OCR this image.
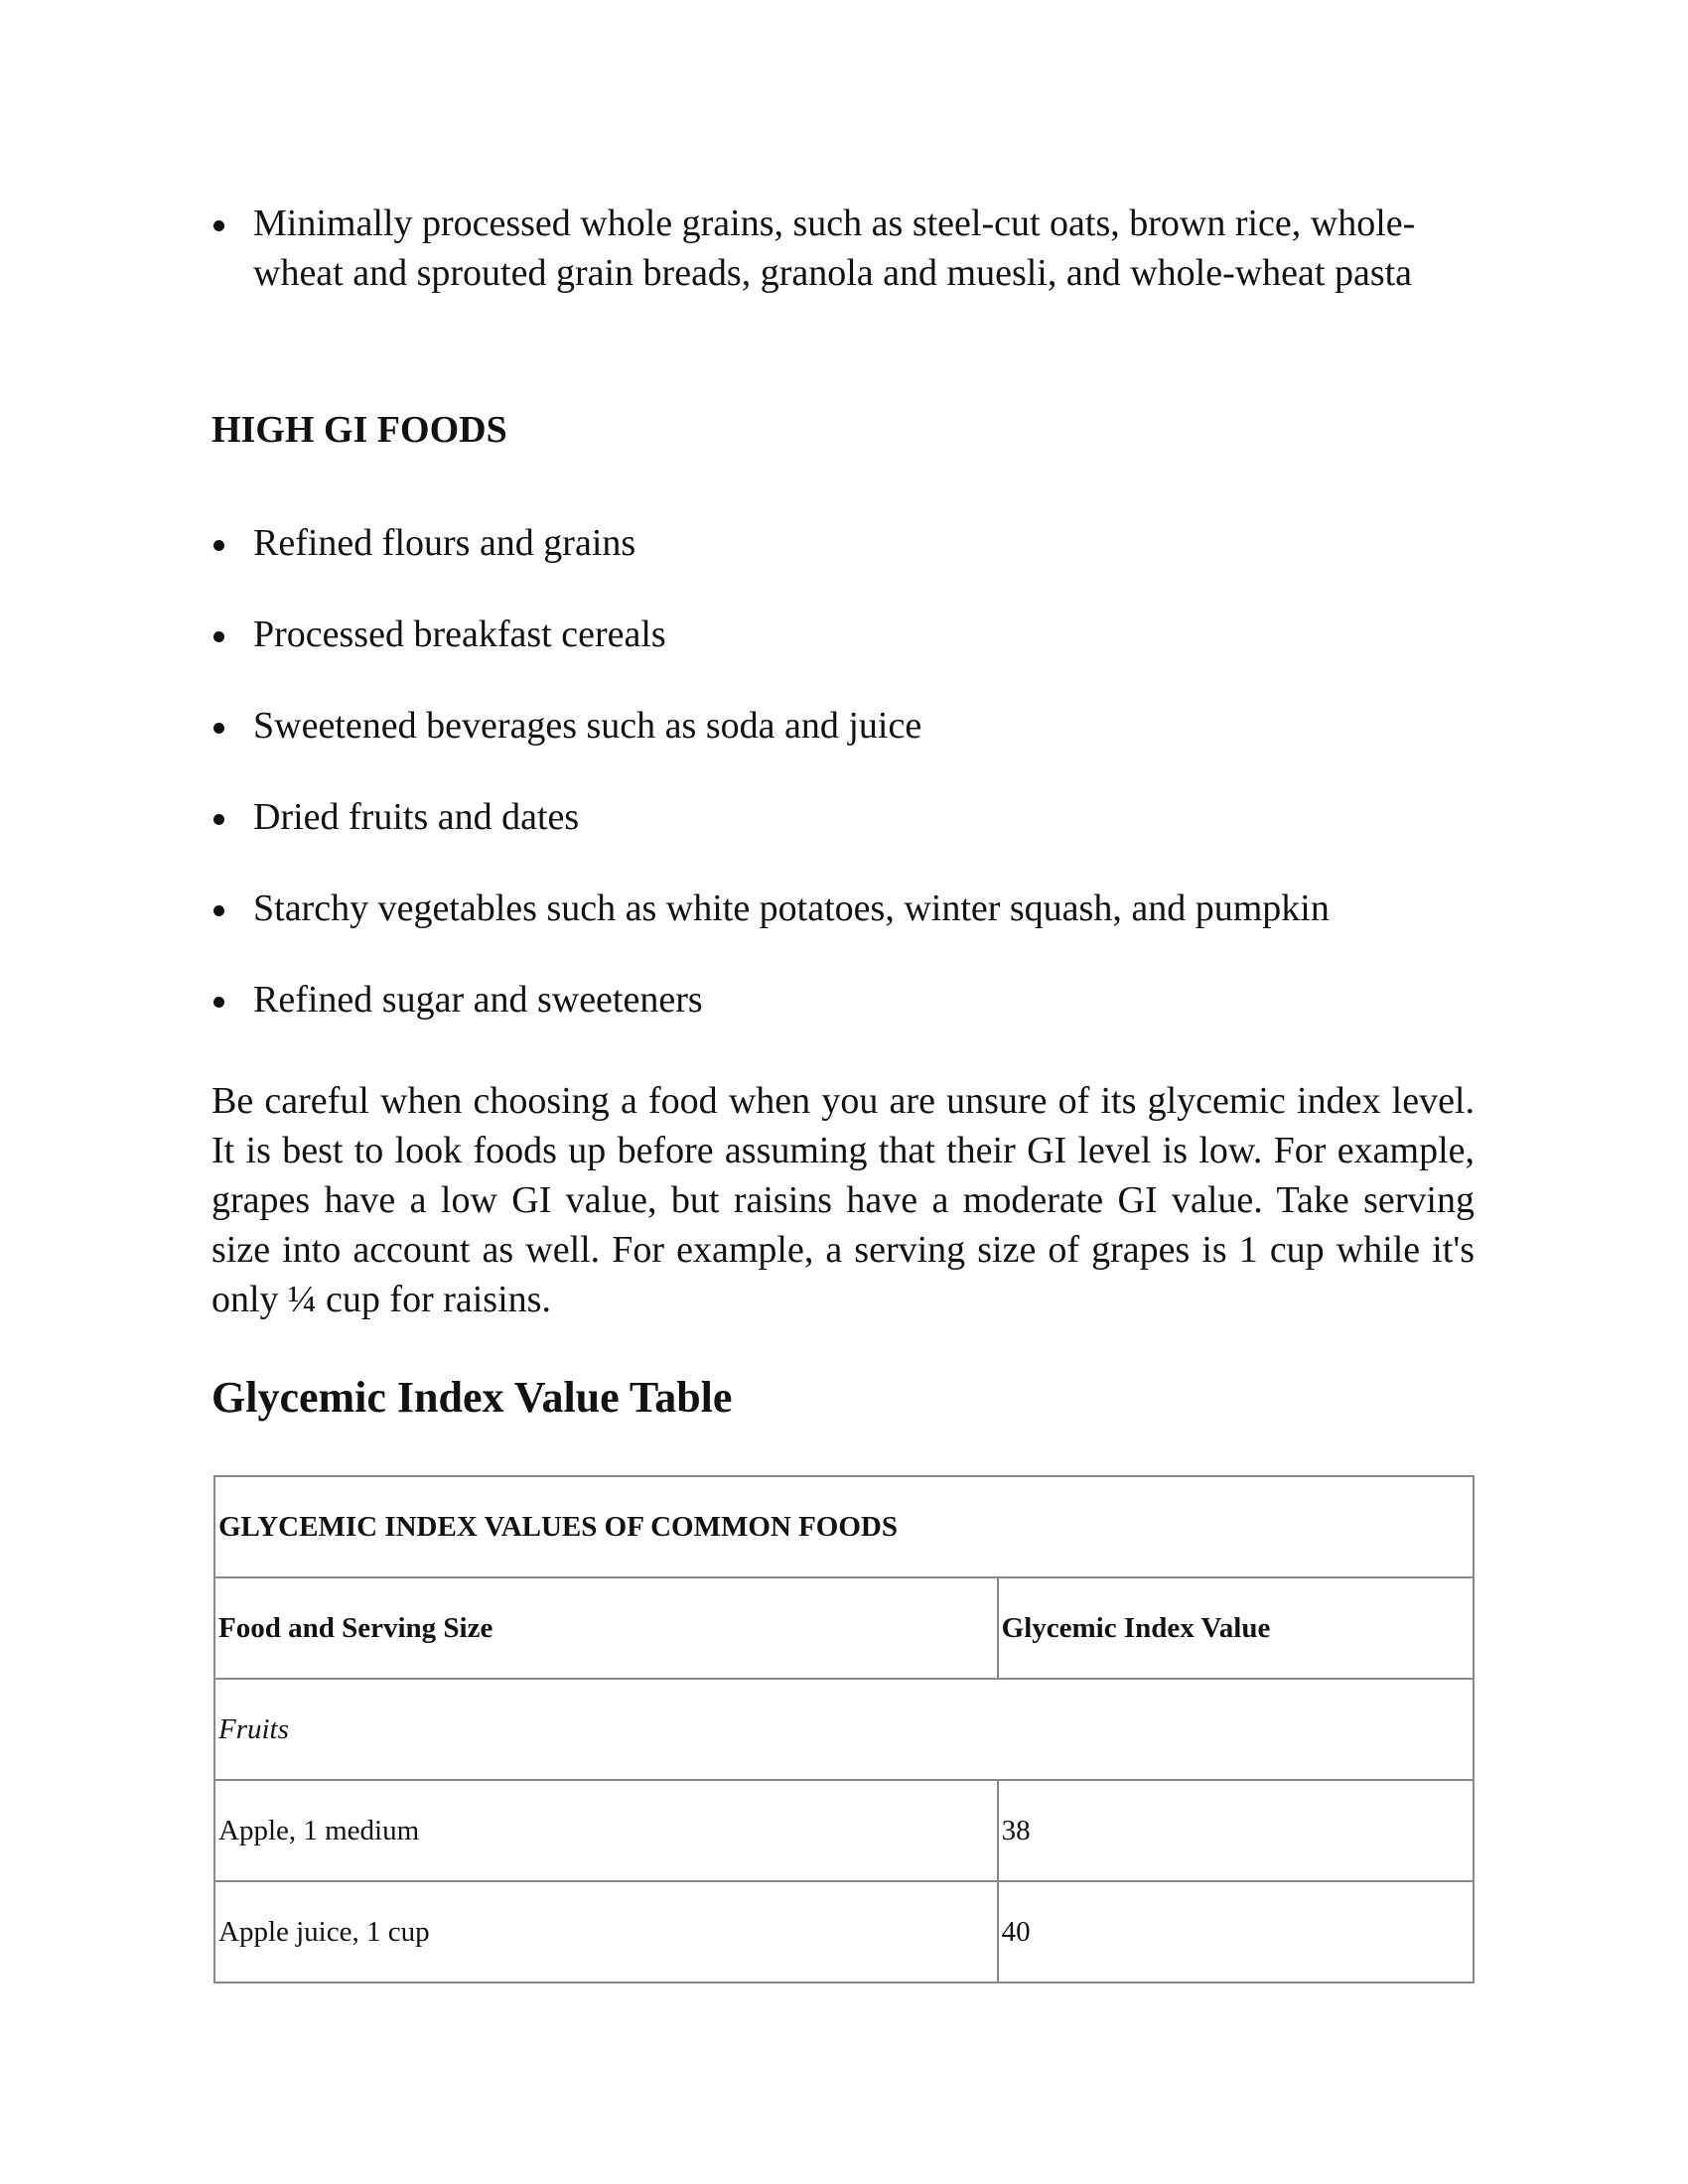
Minimally processed whole grains, such as steel-cut oats, brown rice, whole-wheat and sprouted grain breads, granola and muesli, and whole-wheat pasta
HIGH GI FOODS
Refined flours and grains
Processed breakfast cereals
Sweetened beverages such as soda and juice
Dried fruits and dates
Starchy vegetables such as white potatoes, winter squash, and pumpkin
Refined sugar and sweeteners

Be careful when choosing a food when you are unsure of its glycemic index level. It is best to look foods up before assuming that their GI level is low. For example, grapes have a low GI value, but raisins have a moderate GI value. Take serving size into account as well. For example, a serving size of grapes is 1 cup while it's only ¼ cup for raisins.

Glycemic Index Value Table
GLYCEMIC INDEX VALUES OF COMMON FOODS	
Food and Serving Size	Glycemic Index Value
Fruits	
Apple, 1 medium	38
Apple juice, 1 cup	40
